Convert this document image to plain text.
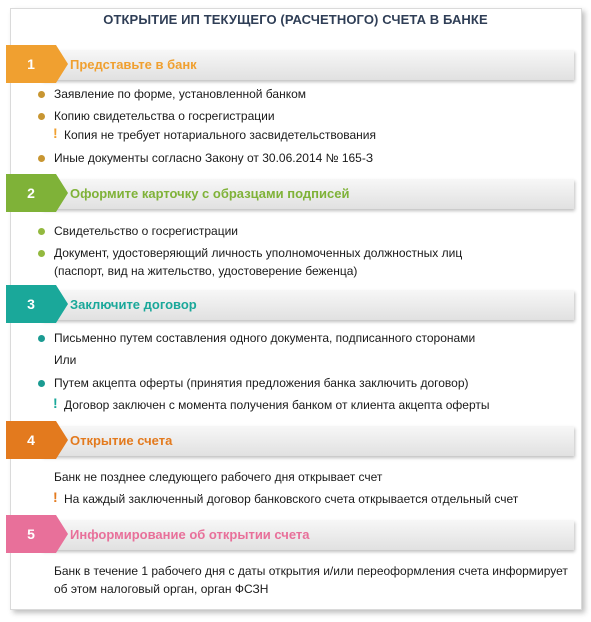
ОТКРЫТИЕ ИП ТЕКУЩЕГО (РАСЧЕТНОГО) СЧЕТА В БАНКЕ
1	Представьте в банк
Заявление по форме, установленной банком
Копию свидетельства о госрегистрации
! Копия не требует нотариального засвидетельствования
Иные документы согласно Закону от 30.06.2014 № 165-З
2	Оформите карточку с образцами подписей
Свидетельство о госрегистрации
Документ, удостоверяющий личность уполномоченных должностных лиц
(паспорт, вид на жительство, удостоверение беженца)
3	Заключите договор
Письменно путем составления одного документа, подписанного сторонами
Или
Путем акцепта оферты (принятия предложения банка заключить договор)
! Договор заключен с момента получения банком от клиента акцепта оферты
4	Открытие счета
Банк не позднее следующего рабочего дня открывает счет
! На каждый заключенный договор банковского счета открывается отдельный счет
5	Информирование об открытии счета
Банк в течение 1 рабочего дня с даты открытия и/или переоформления счета информирует
об этом налоговый орган, орган ФСЗН
